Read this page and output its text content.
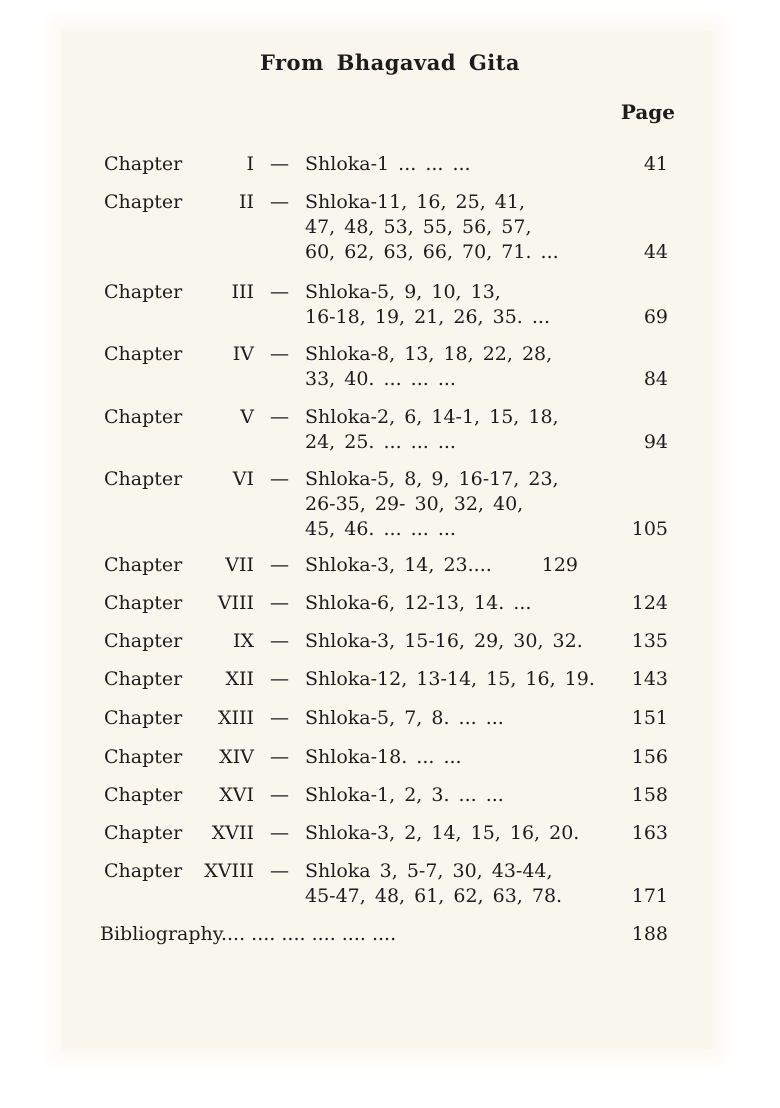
From Bhagavad Gita
Page
Chapter	I — Shloka-1 ... ... ...	41
Chapter	II — Shloka-11, 16, 25, 41,
47, 48, 53, 55, 56, 57,
60, 62, 63, 66, 70, 71. ...	44
Chapter	III — Shloka-5, 9, 10, 13,
16-18, 19, 21, 26, 35. ...	69
Chapter	IV — Shloka-8, 13, 18, 22, 28,
33, 40. ... ... ...	84
Chapter	V — Shloka-2, 6, 14-1, 15, 18,
24, 25. ... ... ...	94
Chapter	VI — Shloka-5, 8, 9, 16-17, 23,
26-35, 29- 30, 32, 40,
45, 46. ... ... ...	105
Chapter	VII — Shloka-3, 14, 23....	129
Chapter	VIII — Shloka-6, 12-13, 14. ...	124
Chapter	IX — Shloka-3, 15-16, 29, 30, 32.	135
Chapter	XII — Shloka-12, 13-14, 15, 16, 19.	143
Chapter	XIII — Shloka-5, 7, 8. ... ...	151
Chapter	XIV — Shloka-18. ... ...	156
Chapter	XVI — Shloka-1, 2, 3. ... ...	158
Chapter	XVII — Shloka-3, 2, 14, 15, 16, 20.	163
Chapter	XVIII — Shloka 3, 5-7, 30, 43-44,
45-47, 48, 61, 62, 63, 78.	171
Bibliography.... .... .... .... .... ....	188
